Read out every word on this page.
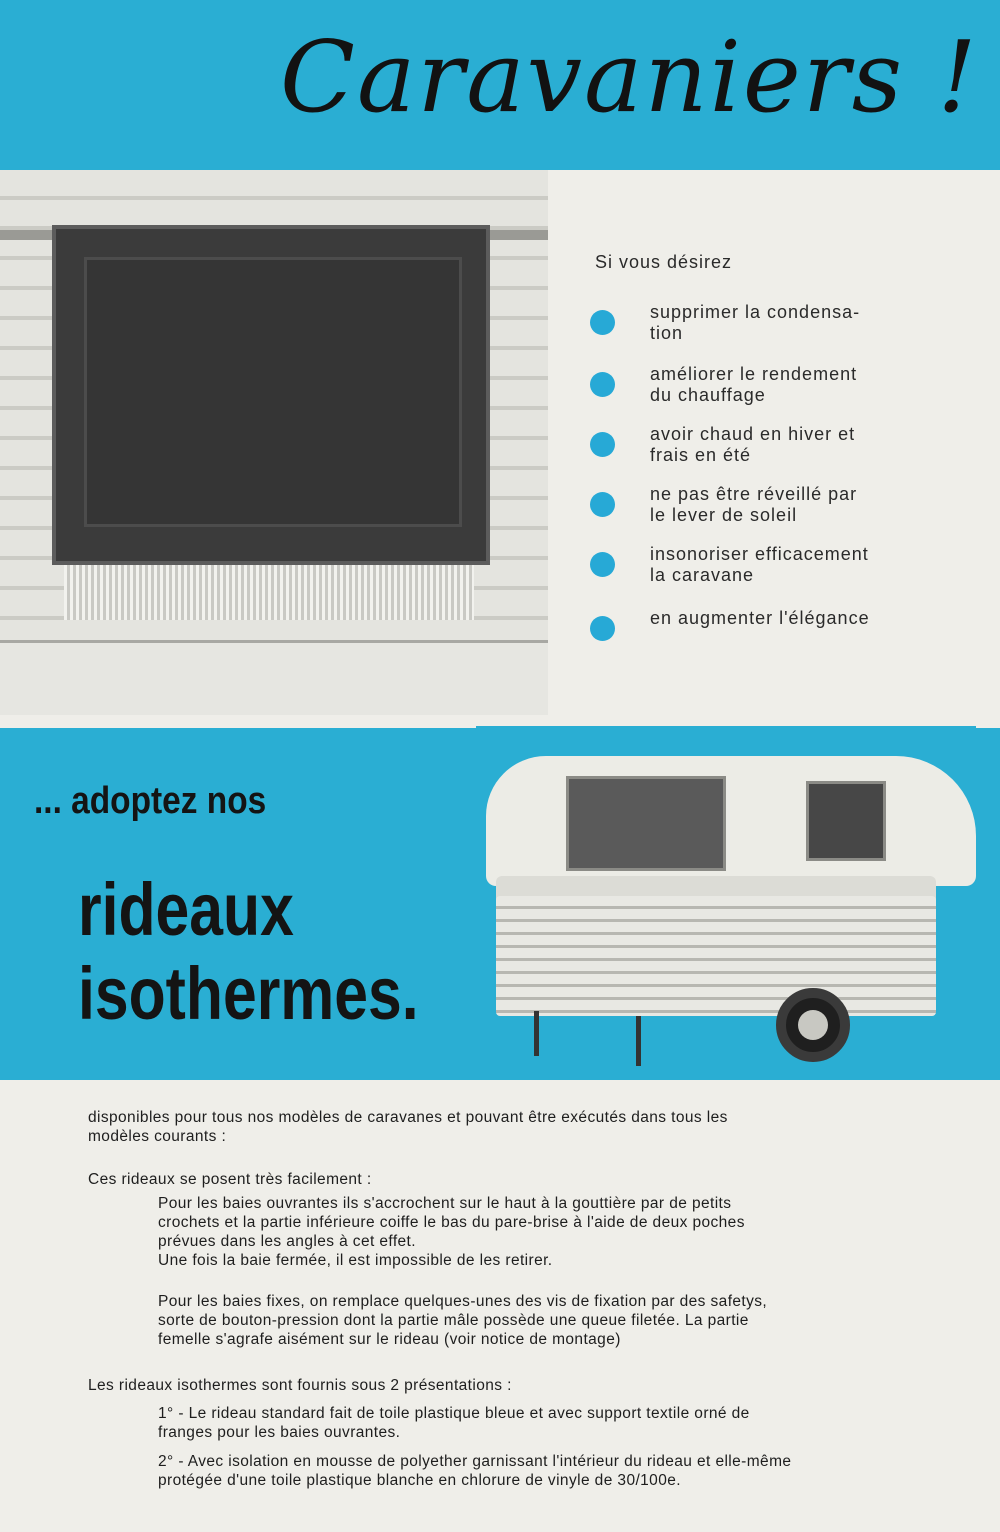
Caravaniers !
Si vous désirez
supprimer la condensa-
tion
améliorer le rendement
du chauffage
avoir chaud en hiver et
frais en été
ne pas être réveillé par
le lever de soleil
insonoriser efficacement
la caravane
en augmenter l'élégance
... adoptez nos
rideaux
isothermes.
disponibles pour tous nos modèles de caravanes et pouvant être exécutés dans tous les
modèles courants :
Ces rideaux se posent très facilement :
Pour les baies ouvrantes ils s'accrochent sur le haut à la gouttière par de petits
crochets et la partie inférieure coiffe le bas du pare-brise à l'aide de deux poches
prévues dans les angles à cet effet.
Une fois la baie fermée, il est impossible de les retirer.
Pour les baies fixes, on remplace quelques-unes des vis de fixation par des safetys,
sorte de bouton-pression dont la partie mâle possède une queue filetée. La partie
femelle s'agrafe aisément sur le rideau (voir notice de montage)
Les rideaux isothermes sont fournis sous 2 présentations :
1° - Le rideau standard fait de toile plastique bleue et avec support textile orné de
franges pour les baies ouvrantes.
2° - Avec isolation en mousse de polyether garnissant l'intérieur du rideau et elle-même
protégée d'une toile plastique blanche en chlorure de vinyle de 30/100e.
